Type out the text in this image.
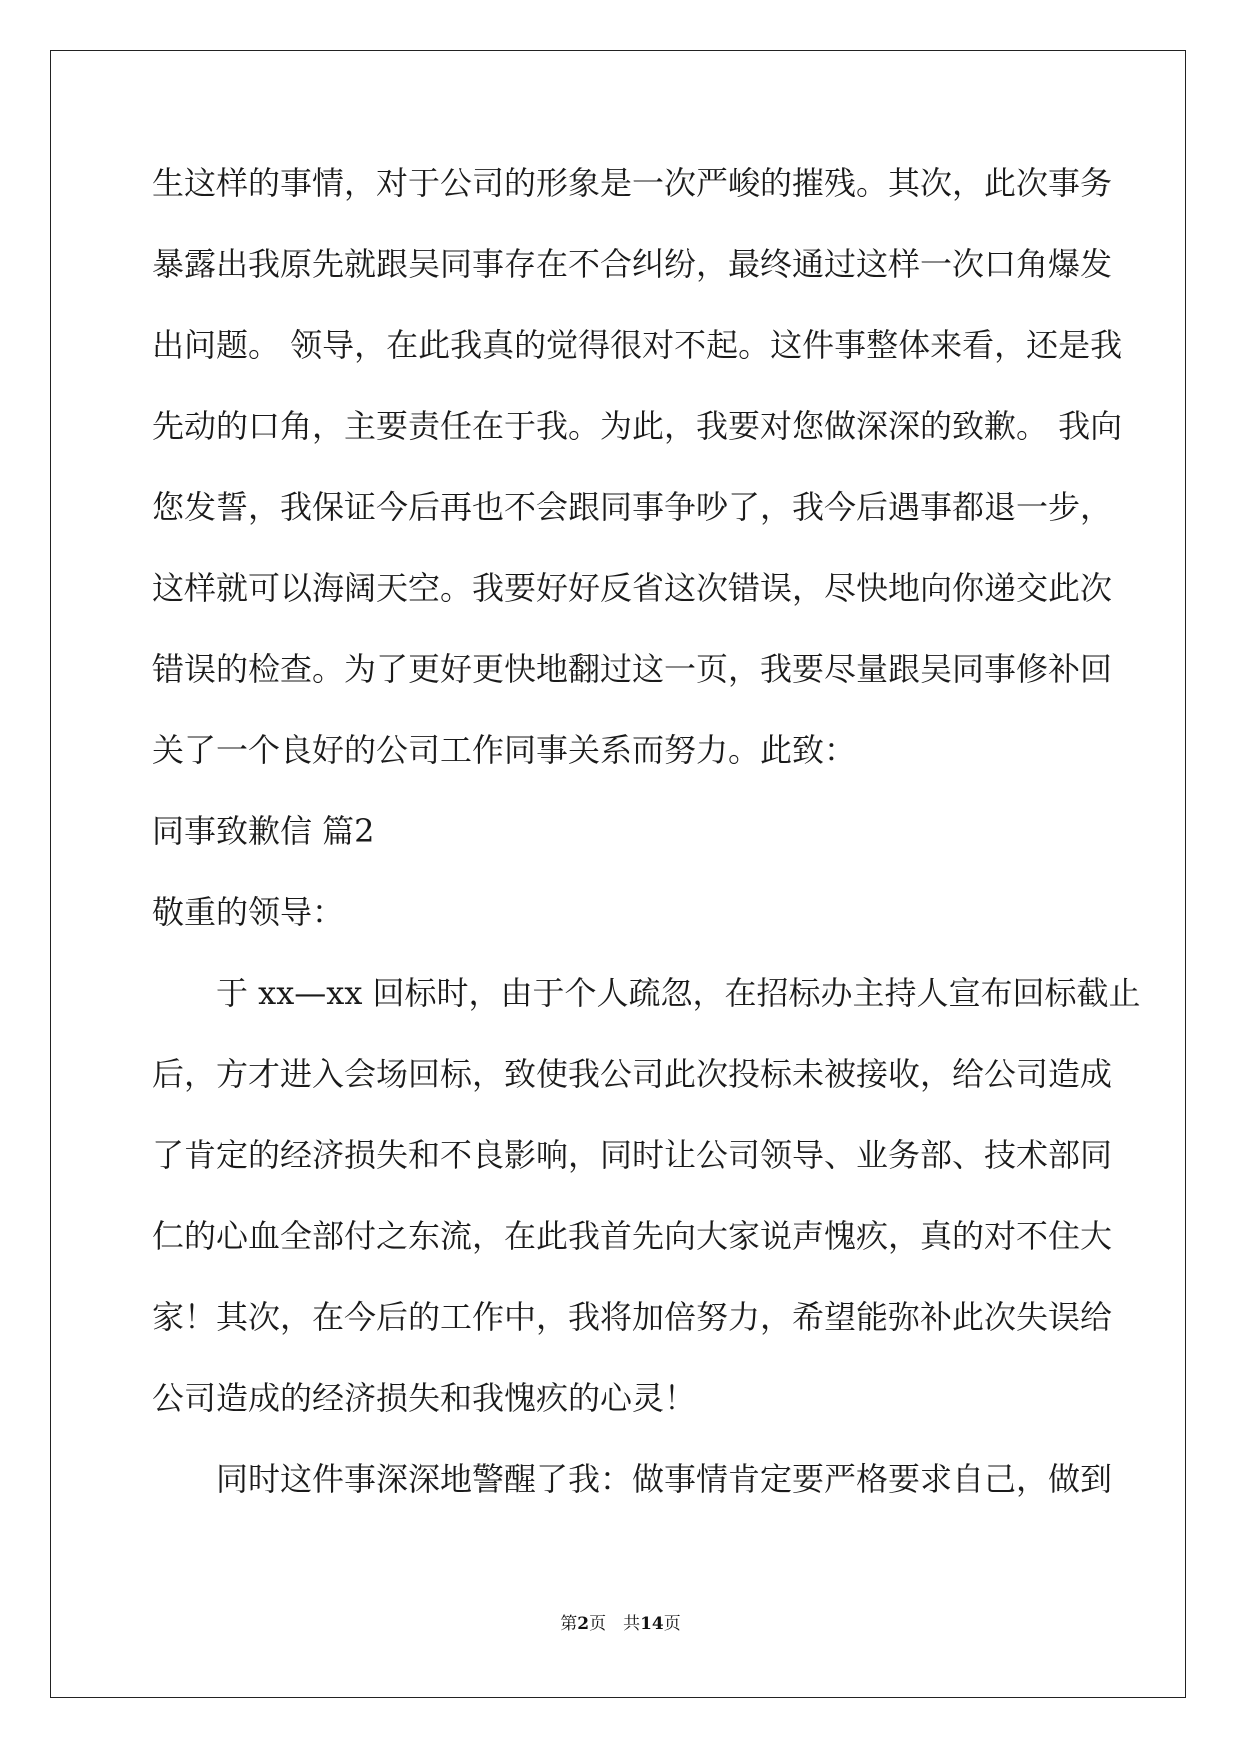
生这样的事情，对于公司的形象是一次严峻的摧残。其次，此次事务
暴露出我原先就跟吴同事存在不合纠纷，最终通过这样一次口角爆发
出问题。 领导，在此我真的觉得很对不起。这件事整体来看，还是我
先动的口角，主要责任在于我。为此，我要对您做深深的致歉。 我向
您发誓，我保证今后再也不会跟同事争吵了，我今后遇事都退一步，
这样就可以海阔天空。我要好好反省这次错误，尽快地向你递交此次
错误的检查。为了更好更快地翻过这一页，我要尽量跟吴同事修补回
关了一个良好的公司工作同事关系而努力。此致：
同事致歉信 篇2
敬重的领导：
于 xx—xx 回标时，由于个人疏忽，在招标办主持人宣布回标截止
后，方才进入会场回标，致使我公司此次投标未被接收，给公司造成
了肯定的经济损失和不良影响，同时让公司领导、业务部、技术部同
仁的心血全部付之东流，在此我首先向大家说声愧疚，真的对不住大
家！其次，在今后的工作中，我将加倍努力，希望能弥补此次失误给
公司造成的经济损失和我愧疚的心灵！
同时这件事深深地警醒了我：做事情肯定要严格要求自己，做到
第2页　共14页
